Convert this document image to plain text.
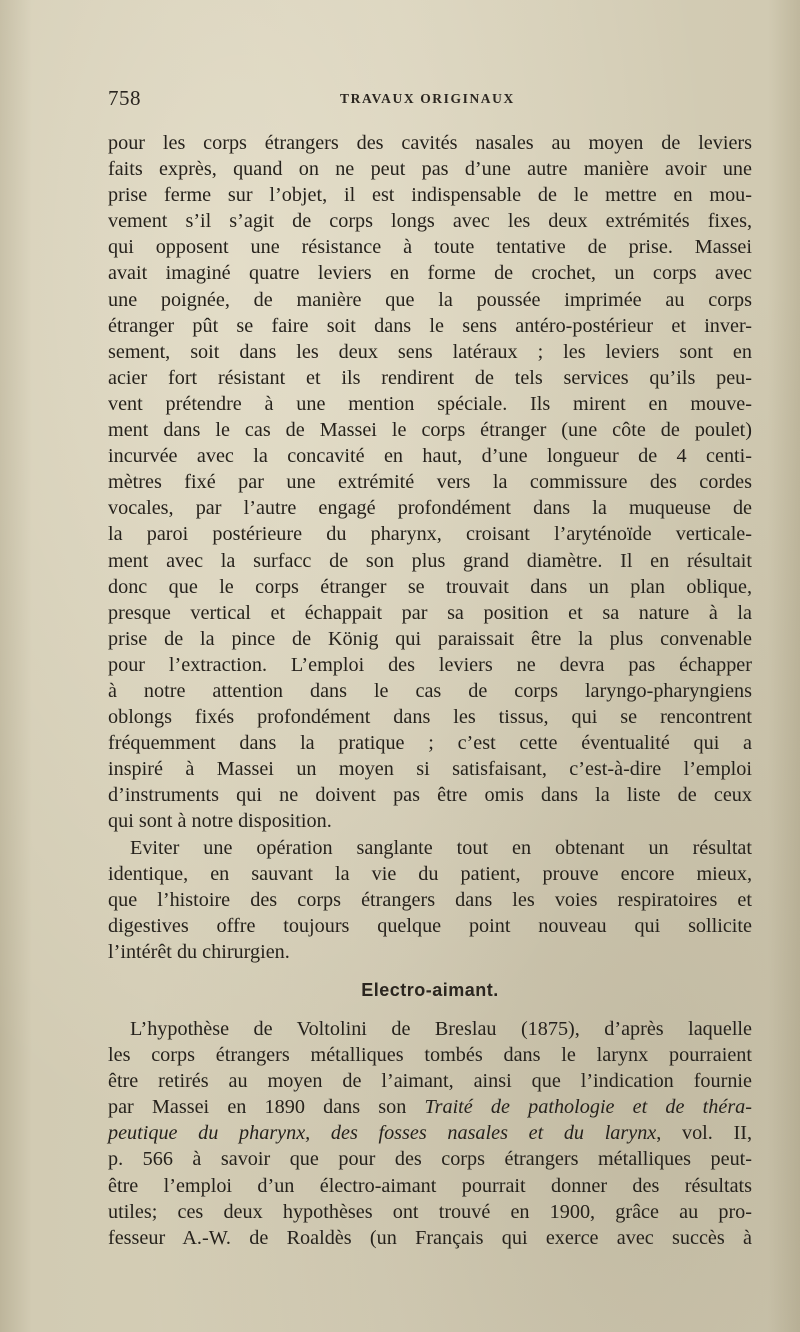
758	TRAVAUX ORIGINAUX
pour les corps étrangers des cavités nasales au moyen de leviers
faits exprès, quand on ne peut pas d’une autre manière avoir une
prise ferme sur l’objet, il est indispensable de le mettre en mou-
vement s’il s’agit de corps longs avec les deux extrémités fixes,
qui opposent une résistance à toute tentative de prise. Massei
avait imaginé quatre leviers en forme de crochet, un corps avec
une poignée, de manière que la poussée imprimée au corps
étranger pût se faire soit dans le sens antéro-postérieur et inver-
sement, soit dans les deux sens latéraux ; les leviers sont en
acier fort résistant et ils rendirent de tels services qu’ils peu-
vent prétendre à une mention spéciale. Ils mirent en mouve-
ment dans le cas de Massei le corps étranger (une côte de poulet)
incurvée avec la concavité en haut, d’une longueur de 4 centi-
mètres fixé par une extrémité vers la commissure des cordes
vocales, par l’autre engagé profondément dans la muqueuse de
la paroi postérieure du pharynx, croisant l’aryténoïde verticale-
ment avec la surfacc de son plus grand diamètre. Il en résultait
donc que le corps étranger se trouvait dans un plan oblique,
presque vertical et échappait par sa position et sa nature à la
prise de la pince de König qui paraissait être la plus convenable
pour l’extraction. L’emploi des leviers ne devra pas échapper
à notre attention dans le cas de corps laryngo-pharyngiens
oblongs fixés profondément dans les tissus, qui se rencontrent
fréquemment dans la pratique ; c’est cette éventualité qui a
inspiré à Massei un moyen si satisfaisant, c’est-à-dire l’emploi
d’instruments qui ne doivent pas être omis dans la liste de ceux
qui sont à notre disposition.
Eviter une opération sanglante tout en obtenant un résultat
identique, en sauvant la vie du patient, prouve encore mieux,
que l’histoire des corps étrangers dans les voies respiratoires et
digestives offre toujours quelque point nouveau qui sollicite
l’intérêt du chirurgien.
Electro-aimant.
L’hypothèse de Voltolini de Breslau (1875), d’après laquelle
les corps étrangers métalliques tombés dans le larynx pourraient
être retirés au moyen de l’aimant, ainsi que l’indication fournie
par Massei en 1890 dans son Traité de pathologie et de théra-
peutique du pharynx, des fosses nasales et du larynx, vol. II,
p. 566 à savoir que pour des corps étrangers métalliques peut-
être l’emploi d’un électro-aimant pourrait donner des résultats
utiles; ces deux hypothèses ont trouvé en 1900, grâce au pro-
fesseur A.-W. de Roaldès (un Français qui exerce avec succès à
